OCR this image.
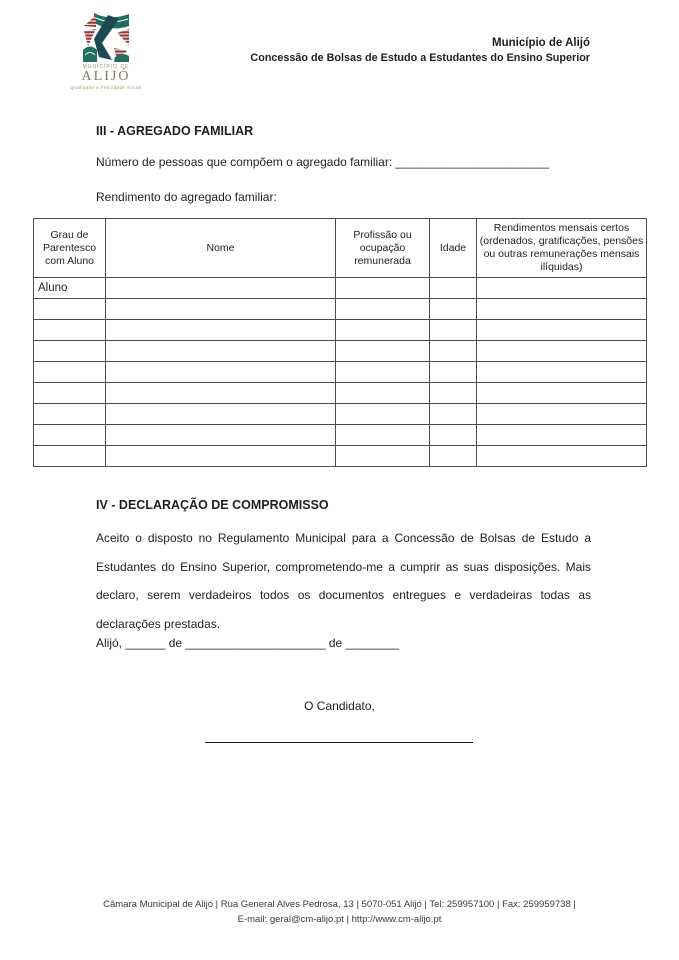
MUNICÍPIO DE
ALIJÓ
Qualidade e Felicidade Social
Município de Alijó
Concessão de Bolsas de Estudo a Estudantes do Ensino Superior
III - AGREGADO FAMILIAR
Número de pessoas que compõem o agregado familiar: _______________________
Rendimento do agregado familiar:
Grau de Parentesco com Aluno	Nome	Profissão ou ocupação remunerada	Idade	Rendimentos mensais certos (ordenados, gratificações, pensões ou outras remunerações mensais ilíquidas)
Aluno				

IV - DECLARAÇÃO DE COMPROMISSO
Aceito o disposto no Regulamento Municipal para a Concessão de Bolsas de Estudo a Estudantes do Ensino Superior, comprometendo-me a cumprir as suas disposições. Mais declaro, serem verdadeiros todos os documentos entregues e verdadeiras todas as declarações prestadas.
Alijó, ______ de _____________________ de ________
O Candidato,
Câmara Municipal de Alijó | Rua General Alves Pedrosa, 13 | 5070-051 Alijó | Tel: 259957100 | Fax: 259959738 |
E-mail: geral@cm-alijo.pt | http://www.cm-alijo.pt
